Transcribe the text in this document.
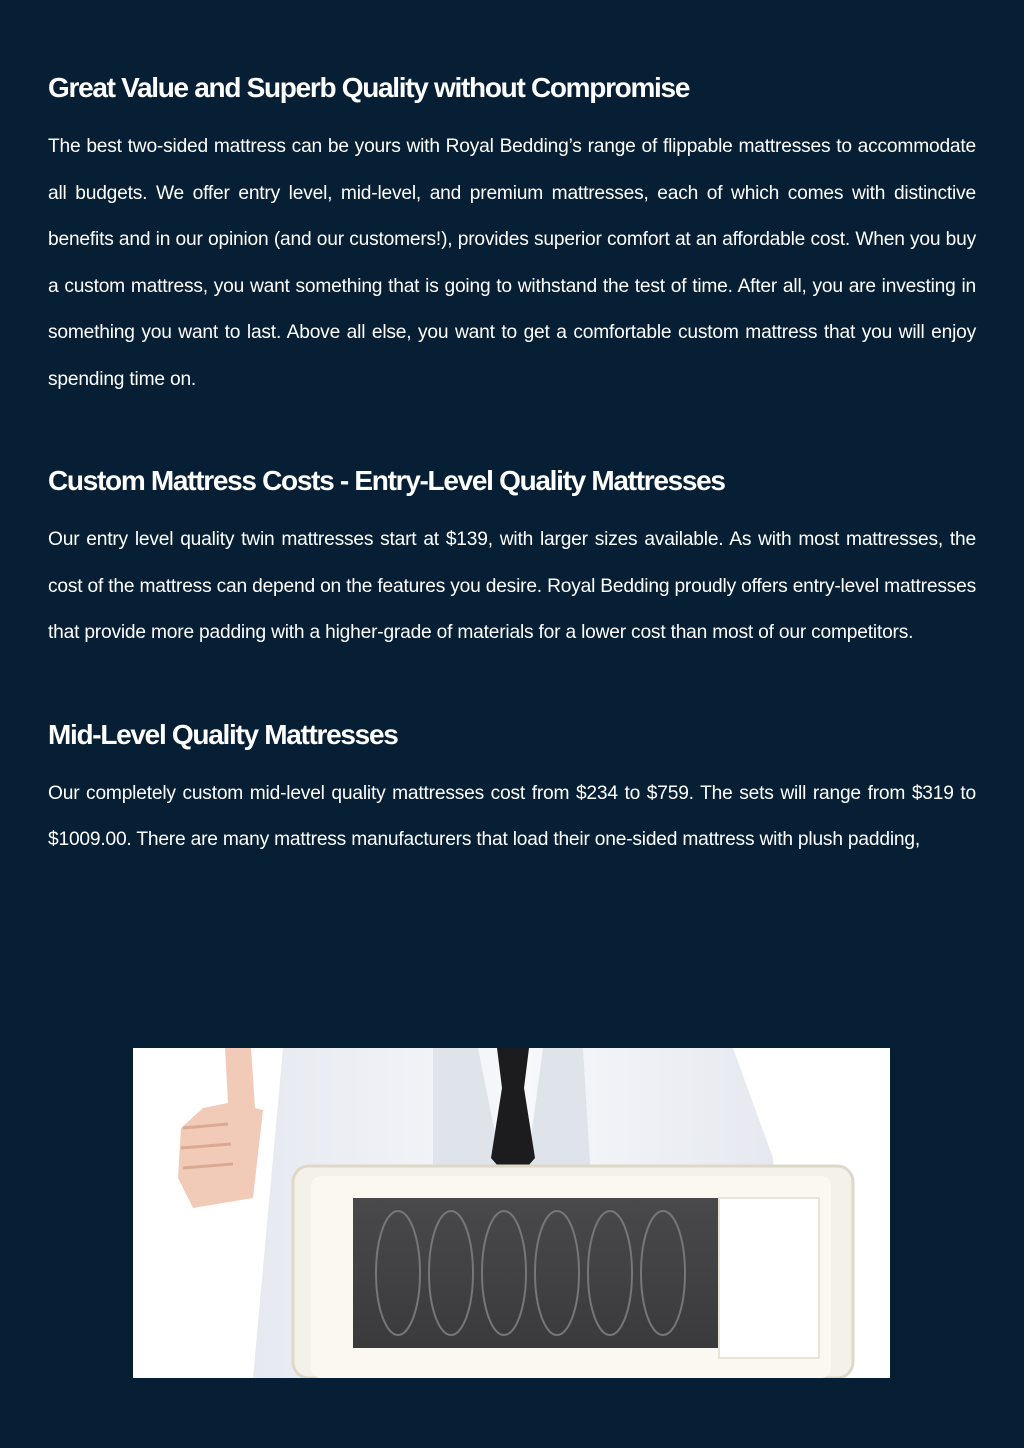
Great Value and Superb Quality without Compromise

The best two-sided mattress can be yours with Royal Bedding’s range of flippable mattresses to accommodate all budgets. We offer entry level, mid-level, and premium mattresses, each of which comes with distinctive benefits and in our opinion (and our customers!), provides superior comfort at an affordable cost. When you buy a custom mattress, you want something that is going to withstand the test of time. After all, you are investing in something you want to last. Above all else, you want to get a comfortable custom mattress that you will enjoy spending time on.

Custom Mattress Costs - Entry-Level Quality Mattresses

Our entry level quality twin mattresses start at $139, with larger sizes available. As with most mattresses, the cost of the mattress can depend on the features you desire. Royal Bedding proudly offers entry-level mattresses that provide more padding with a higher-grade of materials for a lower cost than most of our competitors.

Mid-Level Quality Mattresses

Our completely custom mid-level quality mattresses cost from $234 to $759. The sets will range from $319 to $1009.00. There are many mattress manufacturers that load their one-sided mattress with plush padding,
